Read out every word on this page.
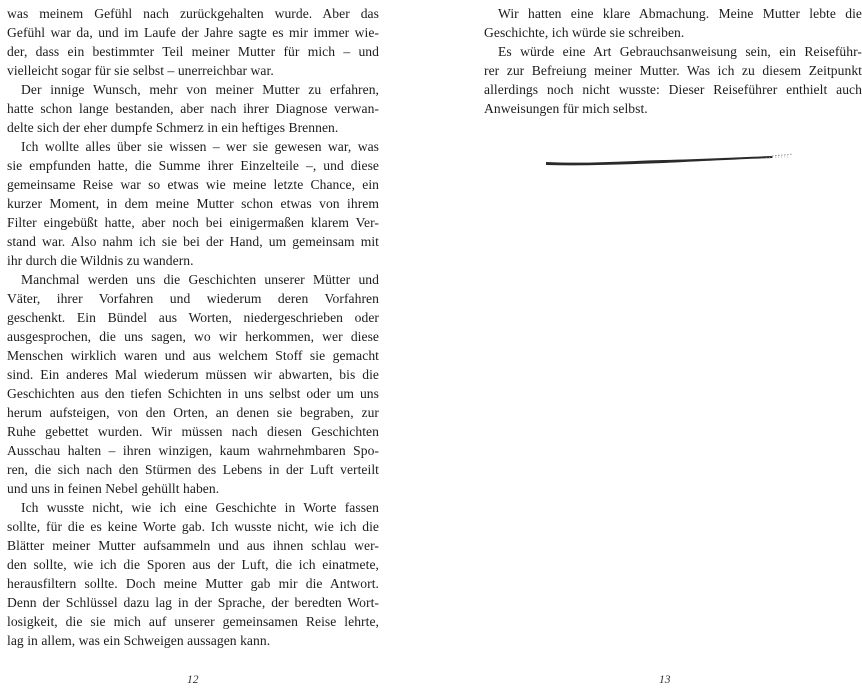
was meinem Gefühl nach zurückgehalten wurde. Aber das
Gefühl war da, und im Laufe der Jahre sagte es mir immer wie-
der, dass ein bestimmter Teil meiner Mutter für mich – und
vielleicht sogar für sie selbst – unerreichbar war.
Der innige Wunsch, mehr von meiner Mutter zu erfahren,
hatte schon lange bestanden, aber nach ihrer Diagnose verwan-
delte sich der eher dumpfe Schmerz in ein heftiges Brennen.
Ich wollte alles über sie wissen – wer sie gewesen war, was
sie empfunden hatte, die Summe ihrer Einzelteile –, und diese
gemeinsame Reise war so etwas wie meine letzte Chance, ein
kurzer Moment, in dem meine Mutter schon etwas von ihrem
Filter eingebüßt hatte, aber noch bei einigermaßen klarem Ver-
stand war. Also nahm ich sie bei der Hand, um gemeinsam mit
ihr durch die Wildnis zu wandern.
Manchmal werden uns die Geschichten unserer Mütter und
Väter, ihrer Vorfahren und wiederum deren Vorfahren
geschenkt. Ein Bündel aus Worten, niedergeschrieben oder
ausgesprochen, die uns sagen, wo wir herkommen, wer diese
Menschen wirklich waren und aus welchem Stoff sie gemacht
sind. Ein anderes Mal wiederum müssen wir abwarten, bis die
Geschichten aus den tiefen Schichten in uns selbst oder um uns
herum aufsteigen, von den Orten, an denen sie begraben, zur
Ruhe gebettet wurden. Wir müssen nach diesen Geschichten
Ausschau halten – ihren winzigen, kaum wahrnehmbaren Spo-
ren, die sich nach den Stürmen des Lebens in der Luft verteilt
und uns in feinen Nebel gehüllt haben.
Ich wusste nicht, wie ich eine Geschichte in Worte fassen
sollte, für die es keine Worte gab. Ich wusste nicht, wie ich die
Blätter meiner Mutter aufsammeln und aus ihnen schlau wer-
den sollte, wie ich die Sporen aus der Luft, die ich einatmete,
herausfiltern sollte. Doch meine Mutter gab mir die Antwort.
Denn der Schlüssel dazu lag in der Sprache, der beredten Wort-
losigkeit, die sie mich auf unserer gemeinsamen Reise lehrte,
lag in allem, was ein Schweigen aussagen kann.
12
Wir hatten eine klare Abmachung. Meine Mutter lebte die
Geschichte, ich würde sie schreiben.
Es würde eine Art Gebrauchsanweisung sein, ein Reiseführ-
rer zur Befreiung meiner Mutter. Was ich zu diesem Zeitpunkt
allerdings noch nicht wusste: Dieser Reiseführer enthielt auch
Anweisungen für mich selbst.
13
